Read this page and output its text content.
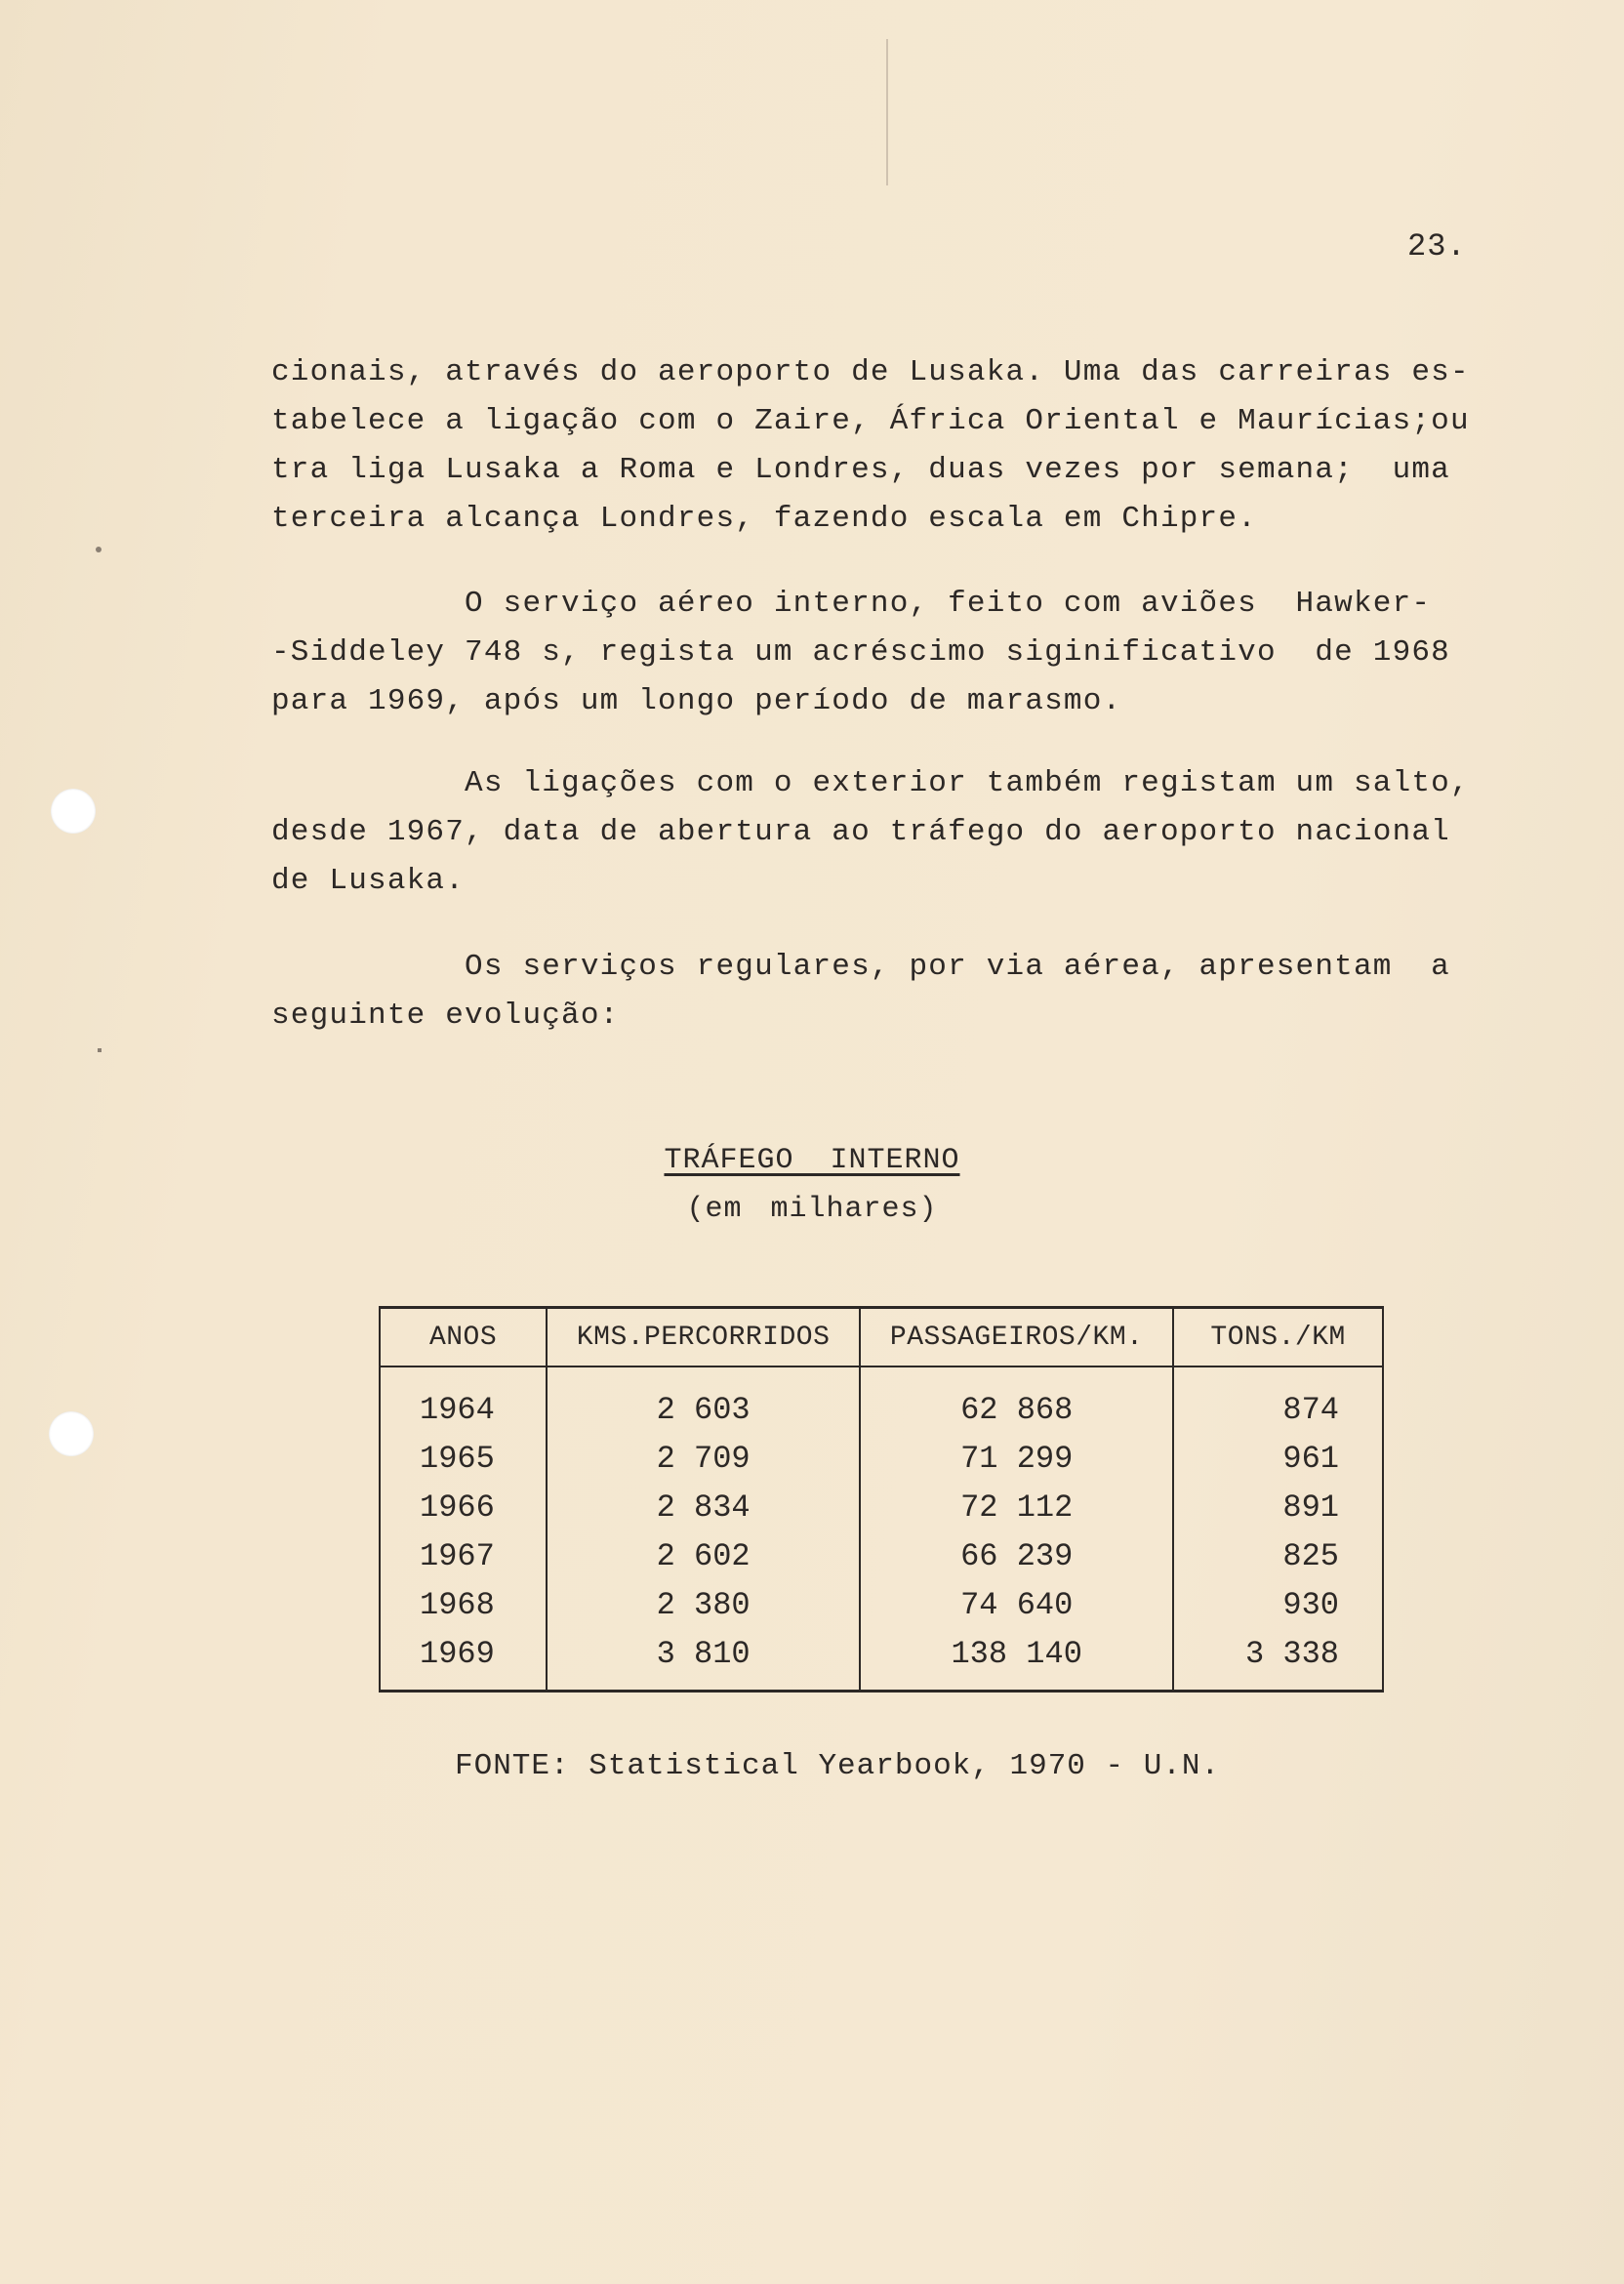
23.
cionais, através do aeroporto de Lusaka. Uma das carreiras es-
tabelece a ligação com o Zaire, África Oriental e Maurícias;ou
tra liga Lusaka a Roma e Londres, duas vezes por semana;  uma
terceira alcança Londres, fazendo escala em Chipre.
O serviço aéreo interno, feito com aviões  Hawker-
-Siddeley 748 s, regista um acréscimo siginificativo  de 1968
para 1969, após um longo período de marasmo.
As ligações com o exterior também registam um salto,
desde 1967, data de abertura ao tráfego do aeroporto nacional
de Lusaka.
Os serviços regulares, por via aérea, apresentam  a
seguinte evolução:
TRÁFEGO INTERNO
(em milhares)
ANOS	KMS.PERCORRIDOS	PASSAGEIROS/KM.	TONS./KM
1964	2 603	62 868	874
1965	2 709	71 299	961
1966	2 834	72 112	891
1967	2 602	66 239	825
1968	2 380	74 640	930
1969	3 810	138 140	3 338
FONTE: Statistical Yearbook, 1970 - U.N.
